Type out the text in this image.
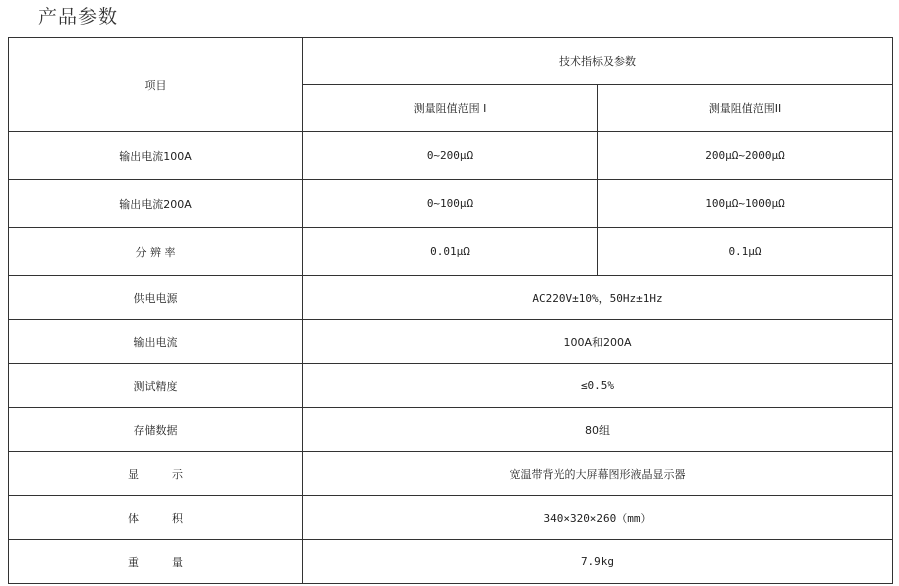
产品参数
项目	技术指标及参数	
	测量阻值范围 I	测量阻值范围II
输出电流100A	0~200μΩ	200μΩ~2000μΩ
输出电流200A	0~100μΩ	100μΩ~1000μΩ
分 辨 率	0.01μΩ	0.1μΩ
供电电源	AC220V±10%，50Hz±1Hz	
输出电流	100A和200A	
测试精度	≤0.5%	
存储数据	80组	
显　　　示	宽温带背光的大屏幕图形液晶显示器	
体　　　积	340×320×260（mm）	
重　　　量	7.9kg	
